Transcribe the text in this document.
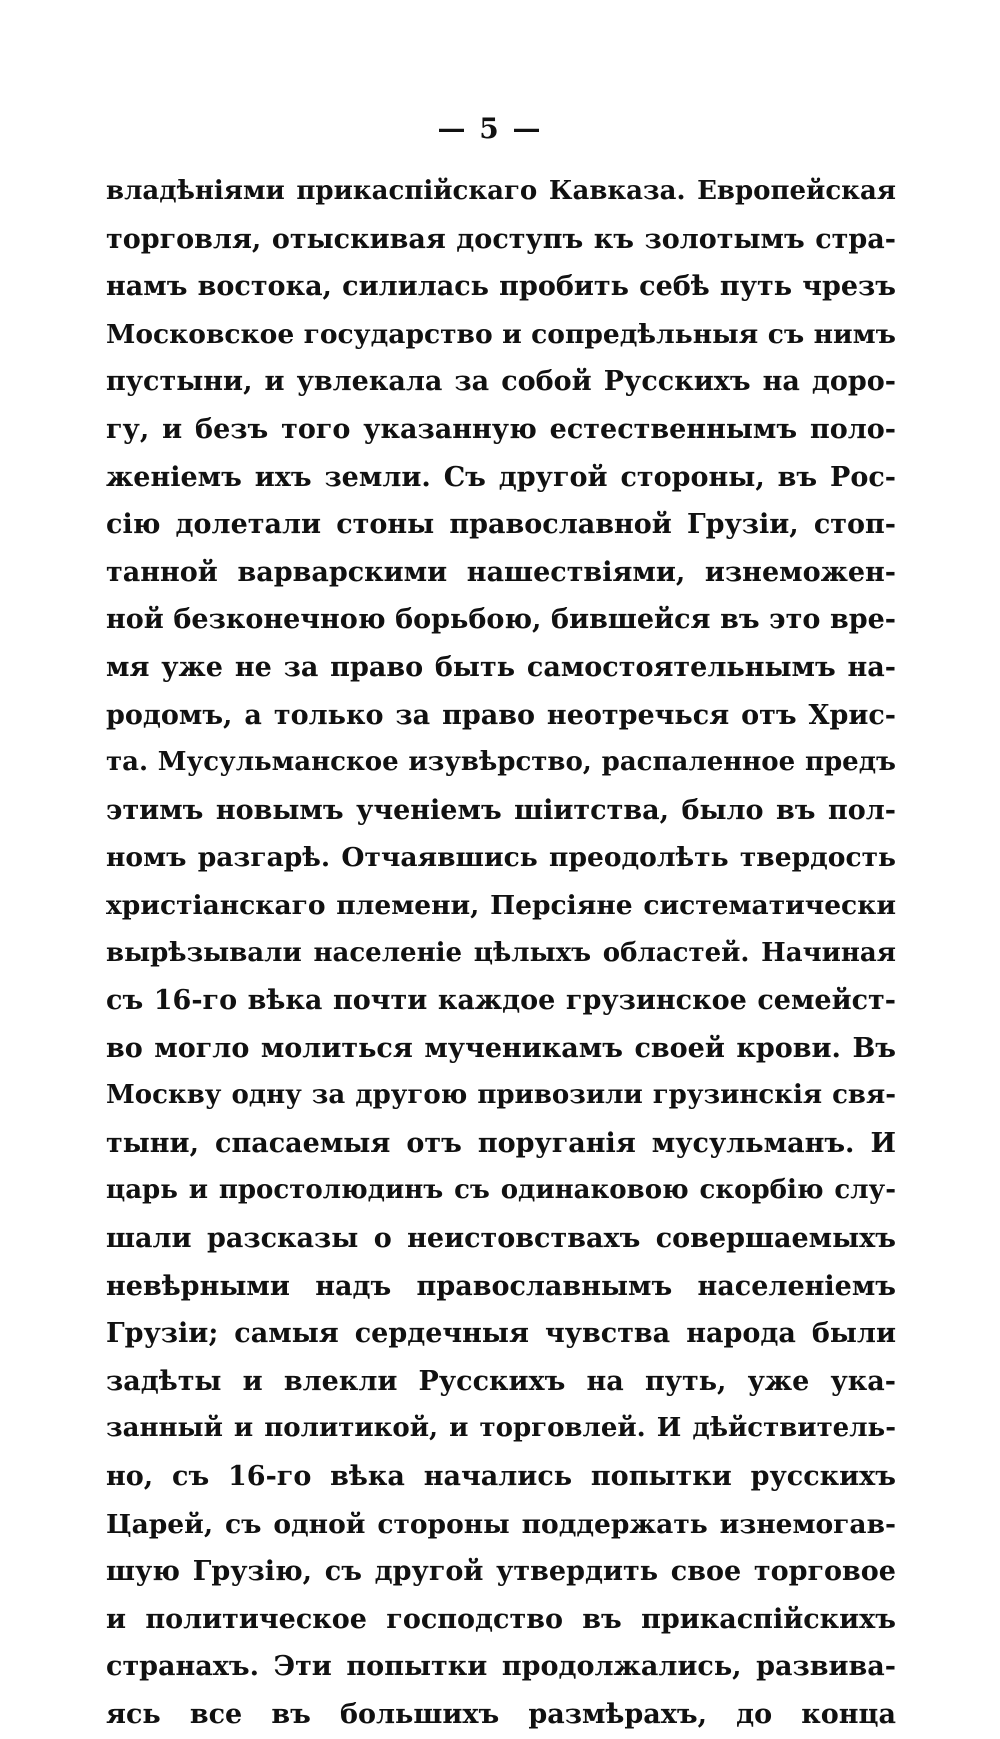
— 5 —
владѣніями прикаспійскаго Кавказа. Европейская
торговля, отыскивая доступъ къ золотымъ стра-
намъ востока, силилась пробить себѣ путь чрезъ
Московское государство и сопредѣльныя съ нимъ
пустыни, и увлекала за собой Русскихъ на доро-
гу, и безъ того указанную естественнымъ поло-
женіемъ ихъ земли. Съ другой стороны, въ Рос-
сію долетали стоны православной Грузіи, стоп-
танной варварскими нашествіями, изнеможен-
ной безконечною борьбою, бившейся въ это вре-
мя уже не за право быть самостоятельнымъ на-
родомъ, а только за право неотречься отъ Хрис-
та. Мусульманское изувѣрство, распаленное предъ
этимъ новымъ ученіемъ шіитства, было въ пол-
номъ разгарѣ. Отчаявшись преодолѣть твердость
христіанскаго племени, Персіяне систематически
вырѣзывали населеніе цѣлыхъ областей. Начиная
съ 16-го вѣка почти каждое грузинское семейст-
во могло молиться мученикамъ своей крови. Въ
Москву одну за другою привозили грузинскія свя-
тыни, спасаемыя отъ поруганія мусульманъ. И
царь и простолюдинъ съ одинаковою скорбію слу-
шали разсказы о неистовствахъ совершаемыхъ
невѣрными надъ православнымъ населеніемъ
Грузіи; самыя сердечныя чувства народа были
задѣты и влекли Русскихъ на путь, уже ука-
занный и политикой, и торговлей. И дѣйствитель-
но, съ 16-го вѣка начались попытки русскихъ
Царей, съ одной стороны поддержать изнемогав-
шую Грузію, съ другой утвердить свое торговое
и политическое господство въ прикаспійскихъ
странахъ. Эти попытки продолжались, развива-
ясь все въ большихъ размѣрахъ, до конца
